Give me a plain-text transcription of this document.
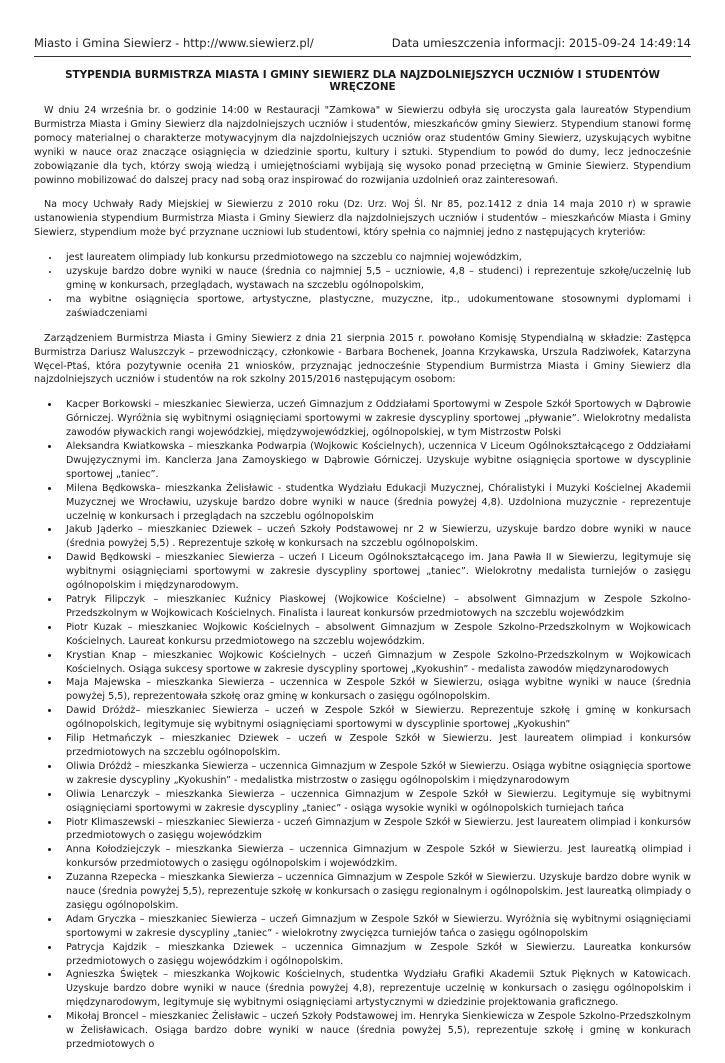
Miasto i Gmina Siewierz - http://www.siewierz.pl/	Data umieszczenia informacji: 2015-09-24 14:49:14
STYPENDIA BURMISTRZA MIASTA I GMINY SIEWIERZ DLA NAJZDOLNIEJSZYCH UCZNIÓW I STUDENTÓW WRĘCZONE

W dniu 24 września br. o godzinie 14:00 w Restauracji "Zamkowa" w Siewierzu odbyła się uroczysta gala laureatów Stypendium Burmistrza Miasta i Gminy Siewierz dla najzdolniejszych uczniów i studentów, mieszkańców gminy Siewierz. Stypendium stanowi formę pomocy materialnej o charakterze motywacyjnym dla najzdolniejszych uczniów oraz studentów Gminy Siewierz, uzyskujących wybitne wyniki w nauce oraz znaczące osiągnięcia w dziedzinie sportu, kultury i sztuki. Stypendium to powód do dumy, lecz jednocześnie zobowiązanie dla tych, którzy swoją wiedzą i umiejętnościami wybijają się wysoko ponad przeciętną w Gminie Siewierz. Stypendium powinno mobilizować do dalszej pracy nad sobą oraz inspirować do rozwijania uzdolnień oraz zainteresowań.

Na mocy Uchwały Rady Miejskiej w Siewierzu z 2010 roku (Dz. Urz. Woj Śl. Nr 85, poz.1412 z dnia 14 maja 2010 r) w sprawie ustanowienia stypendium Burmistrza Miasta i Gminy Siewierz dla najzdolniejszych uczniów i studentów – mieszkańców Miasta i Gminy Siewierz, stypendium może być przyznane uczniowi lub studentowi, który spełnia co najmniej jedno z następujących kryteriów:

• jest laureatem olimpiady lub konkursu przedmiotowego na szczeblu co najmniej wojewódzkim,
• uzyskuje bardzo dobre wyniki w nauce (średnia co najmniej 5,5 – uczniowie, 4,8 – studenci) i reprezentuje szkołę/uczelnię lub gminę w konkursach, przeglądach, wystawach na szczeblu ogólnopolskim,
• ma wybitne osiągnięcia sportowe, artystyczne, plastyczne, muzyczne, itp., udokumentowane stosownymi dyplomami i zaświadczeniami

Zarządzeniem Burmistrza Miasta i Gminy Siewierz z dnia 21 sierpnia 2015 r. powołano Komisję Stypendialną w składzie: Zastępca Burmistrza Dariusz Waluszczyk – przewodniczący, członkowie - Barbara Bochenek, Joanna Krzykawska, Urszula Radziwołek, Katarzyna Węcel-Ptaś, która pozytywnie oceniła 21 wniosków, przyznając jednocześnie Stypendium Burmistrza Miasta i Gminy Siewierz dla najzdolniejszych uczniów i studentów na rok szkolny 2015/2016 następującym osobom:

• Kacper Borkowski – mieszkaniec Siewierza, uczeń Gimnazjum z Oddziałami Sportowymi w Zespole Szkół Sportowych w Dąbrowie Górniczej. Wyróżnia się wybitnymi osiągnięciami sportowymi w zakresie dyscypliny sportowej „pływanie”. Wielokrotny medalista zawodów pływackich rangi wojewódzkiej, międzywojewódzkiej, ogólnopolskiej, w tym Mistrzostw Polski
• Aleksandra Kwiatkowska – mieszkanka Podwarpia (Wojkowic Kościelnych), uczennica V Liceum Ogólnokształcącego z Oddziałami Dwujęzycznymi im. Kanclerza Jana Zamoyskiego w Dąbrowie Górniczej. Uzyskuje wybitne osiągnięcia sportowe w dyscyplinie sportowej „taniec”.
• Milena Będkowska– mieszkanka Żelisławic - studentka Wydziału Edukacji Muzycznej, Chóralistyki i Muzyki Kościelnej Akademii Muzycznej we Wrocławiu, uzyskuje bardzo dobre wyniki w nauce (średnia powyżej 4,8). Uzdolniona muzycznie - reprezentuje uczelnię w konkursach i przeglądach na szczeblu ogólnopolskim
• Jakub Jąderko – mieszkaniec Dziewek – uczeń Szkoły Podstawowej nr 2 w Siewierzu, uzyskuje bardzo dobre wyniki w nauce (średnia powyżej 5,5) . Reprezentuje szkołę w konkursach na szczeblu ogólnopolskim.
• Dawid Będkowski – mieszkaniec Siewierza – uczeń I Liceum Ogólnokształcącego im. Jana Pawła II w Siewierzu, legitymuje się wybitnymi osiągnięciami sportowymi w zakresie dyscypliny sportowej „taniec”. Wielokrotny medalista turniejów o zasięgu ogólnopolskim i międzynarodowym.
• Patryk Filipczyk – mieszkaniec Kuźnicy Piaskowej (Wojkowice Kościelne) – absolwent Gimnazjum w Zespole Szkolno-Przedszkolnym w Wojkowicach Kościelnych. Finalista i laureat konkursów przedmiotowych na szczeblu wojewódzkim
• Piotr Kuzak – mieszkaniec Wojkowic Kościelnych – absolwent Gimnazjum w Zespole Szkolno-Przedszkolnym w Wojkowicach Kościelnych. Laureat konkursu przedmiotowego na szczeblu wojewódzkim.
• Krystian Knap – mieszkaniec Wojkowic Kościelnych – uczeń Gimnazjum w Zespole Szkolno-Przedszkolnym w Wojkowicach Kościelnych. Osiąga sukcesy sportowe w zakresie dyscypliny sportowej „Kyokushin” - medalista zawodów międzynarodowych
• Maja Majewska – mieszkanka Siewierza – uczennica w Zespole Szkół w Siewierzu, osiąga wybitne wyniki w nauce (średnia powyżej 5,5), reprezentowała szkołę oraz gminę w konkursach o zasięgu ogólnopolskim.
• Dawid Dróżdż– mieszkaniec Siewierza – uczeń w Zespole Szkół w Siewierzu. Reprezentuje szkołę i gminę w konkursach ogólnopolskich, legitymuje się wybitnymi osiągnięciami sportowymi w dyscyplinie sportowej „Kyokushin”
• Filip Hetmańczyk – mieszkaniec Dziewek – uczeń w Zespole Szkół w Siewierzu. Jest laureatem olimpiad i konkursów przedmiotowych na szczeblu ogólnopolskim.
• Oliwia Dróżdż – mieszkanka Siewierza – uczennica Gimnazjum w Zespole Szkół w Siewierzu. Osiąga wybitne osiągnięcia sportowe w zakresie dyscypliny „Kyokushin” - medalistka mistrzostw o zasięgu ogólnopolskim i międzynarodowym
• Oliwia Lenarczyk – mieszkanka Siewierza – uczennica Gimnazjum w Zespole Szkół w Siewierzu. Legitymuje się wybitnymi osiągnięciami sportowymi w zakresie dyscypliny „taniec” - osiąga wysokie wyniki w ogólnopolskich turniejach tańca
• Piotr Klimaszewski – mieszkaniec Siewierza - uczeń Gimnazjum w Zespole Szkół w Siewierzu. Jest laureatem olimpiad i konkursów przedmiotowych o zasięgu wojewódzkim
• Anna Kołodziejczyk – mieszkanka Siewierza – uczennica Gimnazjum w Zespole Szkół w Siewierzu. Jest laureatką olimpiad i konkursów przedmiotowych o zasięgu ogólnopolskim i wojewódzkim.
• Zuzanna Rzepecka – mieszkanka Siewierza – uczennica Gimnazjum w Zespole Szkół w Siewierzu. Uzyskuje bardzo dobre wynik w nauce (średnia powyżej 5,5), reprezentuje szkołę w konkursach o zasięgu regionalnym i ogólnopolskim. Jest laureatką olimpiady o zasięgu ogólnopolskim.
• Adam Gryczka – mieszkaniec Siewierza – uczeń Gimnazjum w Zespole Szkół w Siewierzu. Wyróżnia się wybitnymi osiągnięciami sportowymi w zakresie dyscypliny „taniec” - wielokrotny zwycięzca turniejów tańca o zasięgu ogólnopolskim
• Patrycja Kajdzik – mieszkanka Dziewek – uczennica Gimnazjum w Zespole Szkół w Siewierzu. Laureatka konkursów przedmiotowych o zasięgu wojewódzkim i ogólnopolskim.
• Agnieszka Świętek – mieszkanka Wojkowic Kościelnych, studentka Wydziału Grafiki Akademii Sztuk Pięknych w Katowicach. Uzyskuje bardzo dobre wyniki w nauce (średnia powyżej 4,8), reprezentuje uczelnię w konkursach o zasięgu ogólnopolskim i międzynarodowym, legitymuje się wybitnymi osiągnięciami artystycznymi w dziedzinie projektowania graficznego.
• Mikołaj Broncel – mieszkaniec Żelisławic – uczeń Szkoły Podstawowej im. Henryka Sienkiewicza w Zespole Szkolno-Przedszkolnym w Żelisławicach. Osiąga bardzo dobre wyniki w nauce (średnia powyżej 5,5), reprezentuje szkołę i gminę w konkurach przedmiotowych o
